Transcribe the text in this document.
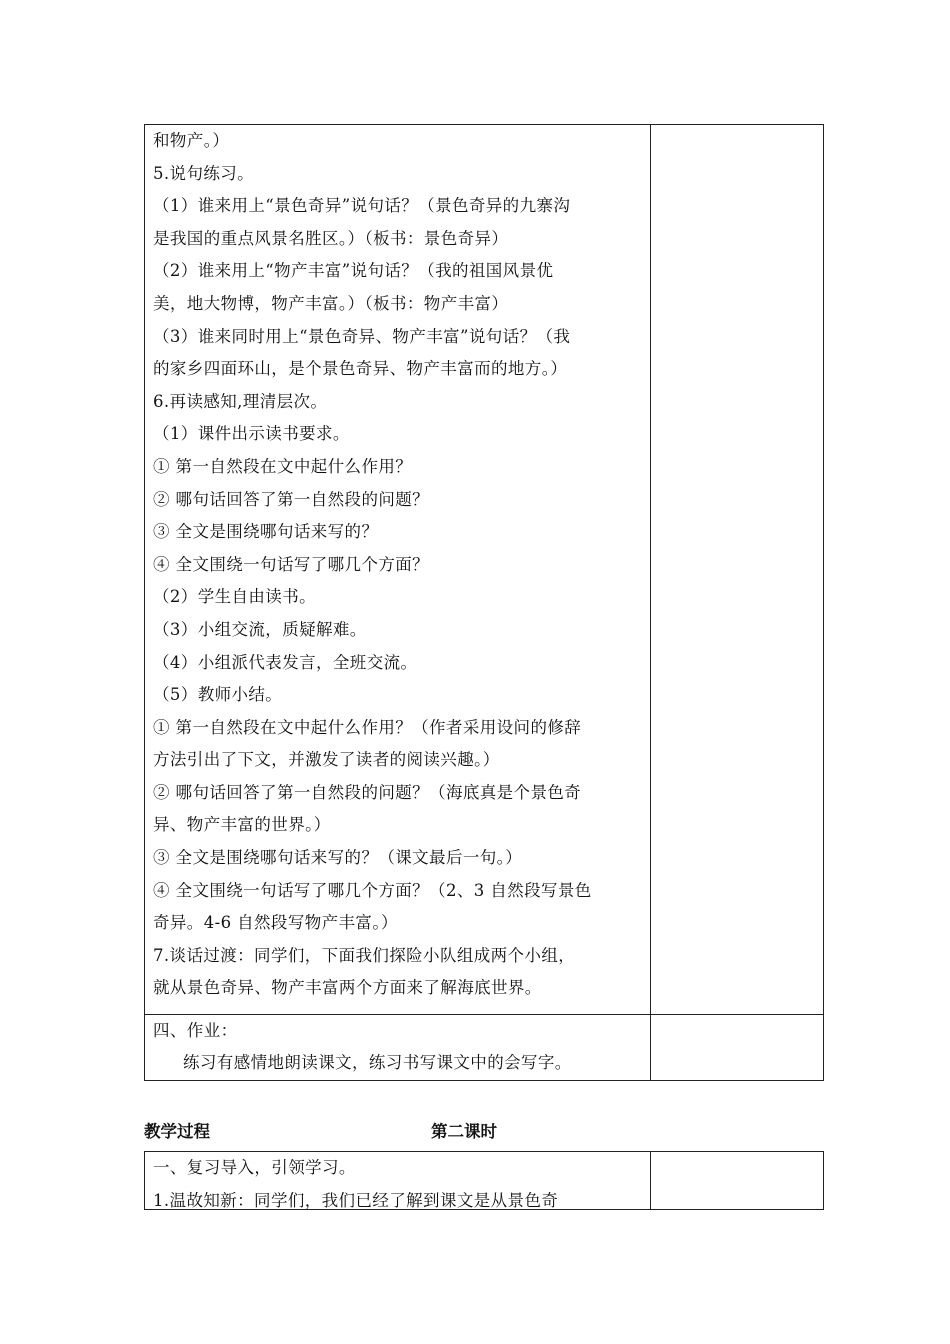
和物产。）
5.说句练习。
（1）谁来用上“景色奇异”说句话？（景色奇异的九寨沟
是我国的重点风景名胜区。）（板书：景色奇异）
（2）谁来用上“物产丰富”说句话？（我的祖国风景优
美，地大物博，物产丰富。）（板书：物产丰富）
（3）谁来同时用上“景色奇异、物产丰富”说句话？（我
的家乡四面环山，是个景色奇异、物产丰富而的地方。）
6.再读感知,理清层次。
（1）课件出示读书要求。
① 第一自然段在文中起什么作用？
② 哪句话回答了第一自然段的问题？
③ 全文是围绕哪句话来写的？
④ 全文围绕一句话写了哪几个方面？
（2）学生自由读书。
（3）小组交流，质疑解难。
（4）小组派代表发言，全班交流。
（5）教师小结。
① 第一自然段在文中起什么作用？（作者采用设问的修辞
方法引出了下文，并激发了读者的阅读兴趣。）
② 哪句话回答了第一自然段的问题？（海底真是个景色奇
异、物产丰富的世界。）
③ 全文是围绕哪句话来写的？（课文最后一句。）
④ 全文围绕一句话写了哪几个方面？（2、3 自然段写景色
奇异。4-6 自然段写物产丰富。）
7.谈话过渡：同学们，下面我们探险小队组成两个小组，
就从景色奇异、物产丰富两个方面来了解海底世界。
四、作业：
练习有感情地朗读课文，练习书写课文中的会写字。
教学过程	第二课时
一、复习导入，引领学习。
1.温故知新：同学们，我们已经了解到课文是从景色奇
